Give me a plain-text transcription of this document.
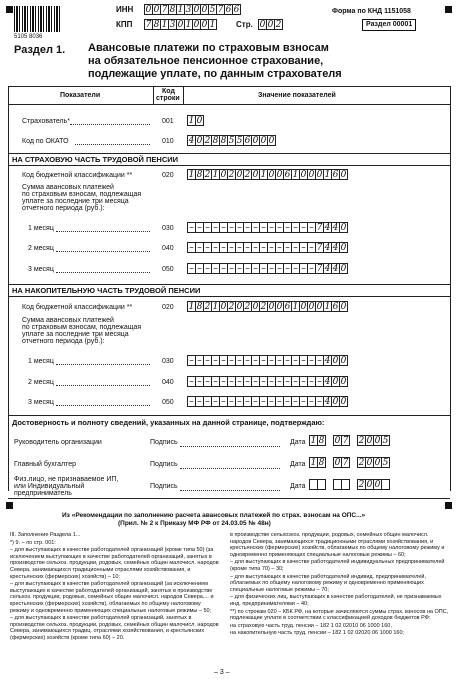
5105 8036
ИНН 0 0 7 8 1 3 0 0 5 7 6 6
КПП 7 8 1 3 0 1 0 0 1	Стр. 0 0 2
Форма по КНД 1151058
Раздел 00001
Раздел 1. Авансовые платежи по страховым взносам
на обязательное пенсионное страхование,
подлежащие уплате, по данным страхователя
Показатели
Код
строки	Значение показателей
Страхователь*	001 1 0
Код по ОКАТО	010 4 0 2 8 8 5 5 6 0 0 0
НА СТРАХОВУЮ ЧАСТЬ ТРУДОВОЙ ПЕНСИИ
Код бюджетной классификации **	020 1 8 2 1 0 2 0 2 0 1 0 0 6 1 0 0 0 1 6 0
Сумма авансовых платежей
по страховым взносам, подлежащая
уплате за последние три месяца
отчетного периода (руб.):
1 месяц	030 – – – – – – – – – – – – – – – – 7 4 4 0
2 месяц	040 – – – – – – – – – – – – – – – – 7 4 4 0
3 месяц	050 – – – – – – – – – – – – – – – – 7 4 4 0
НА НАКОПИТЕЛЬНУЮ ЧАСТЬ ТРУДОВОЙ ПЕНСИИ
Код бюджетной классификации **	020 1 8 2 1 0 2 0 2 0 2 0 0 6 1 0 0 0 1 6 0
Сумма авансовых платежей
по страховым взносам, подлежащая
уплате за последние три месяца
отчетного периода (руб.):
1 месяц	030 – – – – – – – – – – – – – – – – – 4 0 0
2 месяц	040 – – – – – – – – – – – – – – – – – 4 0 0
3 месяц	050 – – – – – – – – – – – – – – – – – 4 0 0
Достоверность и полноту сведений, указанных на данной странице, подтверждаю:
Руководитель организации	Подпись	Дата 1 8 0 7 2 0 0 5
Главный бухгалтер	Подпись	Дата 1 8 0 7 2 0 0 5
Физ.лицо, не признаваемое ИП,
или Индивидуальный
предприниматель
Подпись	Дата	2 0 0
Из «Рекомендации по заполнению расчета авансовых платежей по страх. взносам на ОПС...»
(Прил. № 2 к Приказу МФ РФ от 24.03.05 № 48н)
III. Заполнение Раздела 1...
*) 9. – по стр. 001:
– для выступающих в качестве работодателей организаций (кроме типа 50) (за исключением выступающих в качестве работодателей организаций, занятых в производстве сельхоз. продукции, родовых, семейных общин малочисл. народов Севера, занимающихся традиционными отраслями хозяйствования, и крестьянских (фермерских) хозяйств) – 10;
– для выступающих в качестве работодателей организаций (за исключением выступающих в качестве работодателей организаций, занятых в производстве сельхоз. продукции, родовых, семейных общин малочисл. народов Севера,... и крестьянских (фермерских) хозяйств), облагаемых по общему налоговому режиму и одновременно применяющих специальные налоговые режимы – 50;
– для выступающих в качестве работодателей организаций, занятых в производстве сельхоз. продукции, родовых, семейных общин малочисл. народов Севера, занимающихся традиц. отраслями хозяйствования, и крестьянских (фермерских) хозяйств (кроме типа 60) – 20.
в производстве сельхозхоз. продукции, родовых, семейных общин малочисл. народов Севера, занимающихся традиционными отраслями хозяйствования, и крестьянских (фермерских) хозяйств, облагаемых по общему налоговому режиму и одновременно применяющих специальные налоговые режимы – 60;
– для выступающих в качестве работодателей индивидуальных предпринимателей (кроме типа 70) – 30;
– для выступающих в качестве работодателей индивид. предпринимателей, облагаемых по общему налоговому режиму и одновременно применяющих специальные налоговые режимы – 70;
– для физических лиц, выступающих в качестве работодателей, не признаваемых инд. предпринимателями – 40;
**) по строкам 020 – КБК РФ, на которые зачисляются суммы страх. взносов на ОПС, подлежащие уплате в соответствии с классификацией доходов бюджетов РФ:
на страховую часть труд. пенсии – 182 1 02 02010 06 1000 160,
на накопительную часть труд. пенсии – 182 1 02 02020 06 1000 160;
– 3 –
